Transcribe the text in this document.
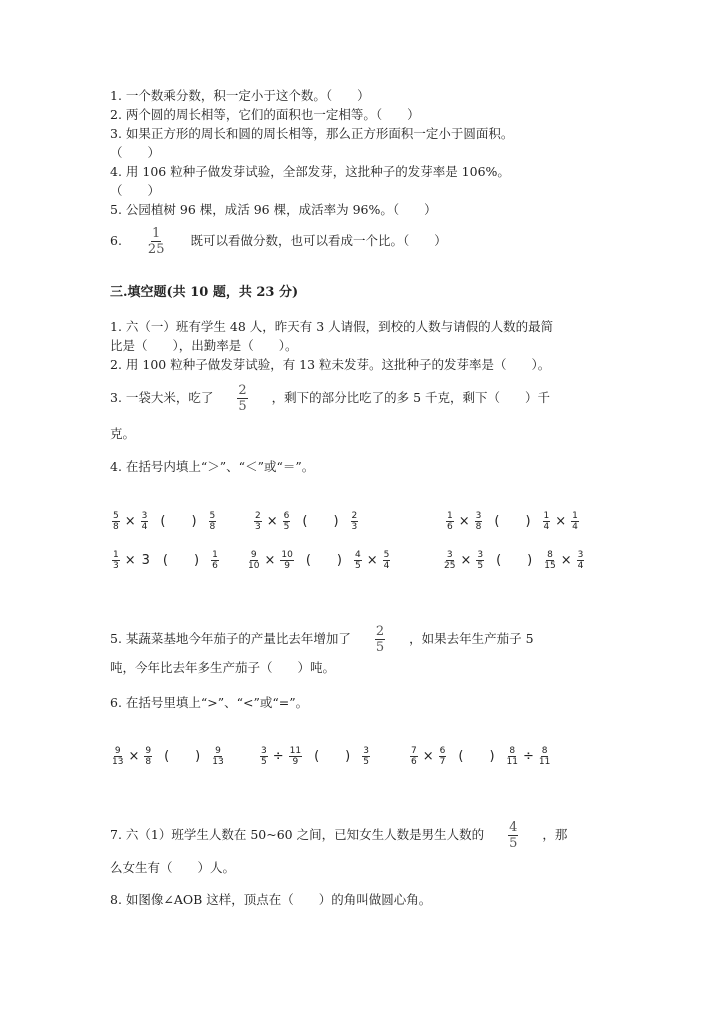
1. 一个数乘分数，积一定小于这个数。（　　）
2. 两个圆的周长相等，它们的面积也一定相等。（　　）
3. 如果正方形的周长和圆的周长相等，那么正方形面积一定小于圆面积。
（　　）
4. 用 106 粒种子做发芽试验，全部发芽，这批种子的发芽率是 106%。
（　　）
5. 公园植树 96 棵，成活 96 棵，成活率为 96%。（　　）
6. $\frac{1}{25}$ 既可以看做分数，也可以看成一个比。（　　）
三.填空题(共 10 题，共 23 分)
1. 六（一）班有学生 48 人，昨天有 3 人请假，到校的人数与请假的人数的最简
比是（　　），出勤率是（　　）。
2. 用 100 粒种子做发芽试验，有 13 粒未发芽。这批种子的发芽率是（　　）。
3. 一袋大米，吃了 $\frac{2}{5}$ ，剩下的部分比吃了的多 5 千克，剩下（　　）千
克。
4. 在括号内填上“＞”、“＜”或“＝”。
$\frac{5}{8} \times \frac{3}{4}$ (　　) $\frac{5}{8}$	$\frac{2}{3} \times \frac{6}{5}$ (　　) $\frac{2}{3}$	$\frac{1}{6} \times \frac{3}{8}$ (　　) $\frac{1}{4} \times \frac{1}{4}$
$\frac{1}{3} \times 3$ (　　) $\frac{1}{6}$	$\frac{9}{10} \times \frac{10}{9}$ (　　) $\frac{4}{5} \times \frac{5}{4}$	$\frac{3}{25} \times \frac{3}{5}$ (　　) $\frac{8}{15} \times \frac{3}{4}$
5. 某蔬菜基地今年茄子的产量比去年增加了 $\frac{2}{5}$ ，如果去年生产茄子 5
吨，今年比去年多生产茄子（　　）吨。
6. 在括号里填上“>”、“<”或“=”。
$\frac{9}{13} \times \frac{9}{8}$ (　　) $\frac{9}{13}$	$\frac{3}{5} \div \frac{11}{9}$ (　　) $\frac{3}{5}$	$\frac{7}{6} \times \frac{6}{7}$ (　　) $\frac{8}{11} \div \frac{8}{11}$
7. 六（1）班学生人数在 50~60 之间，已知女生人数是男生人数的 $\frac{4}{5}$ ，那
么女生有（　　）人。
8. 如图像∠AOB 这样，顶点在（　　）的角叫做圆心角。
